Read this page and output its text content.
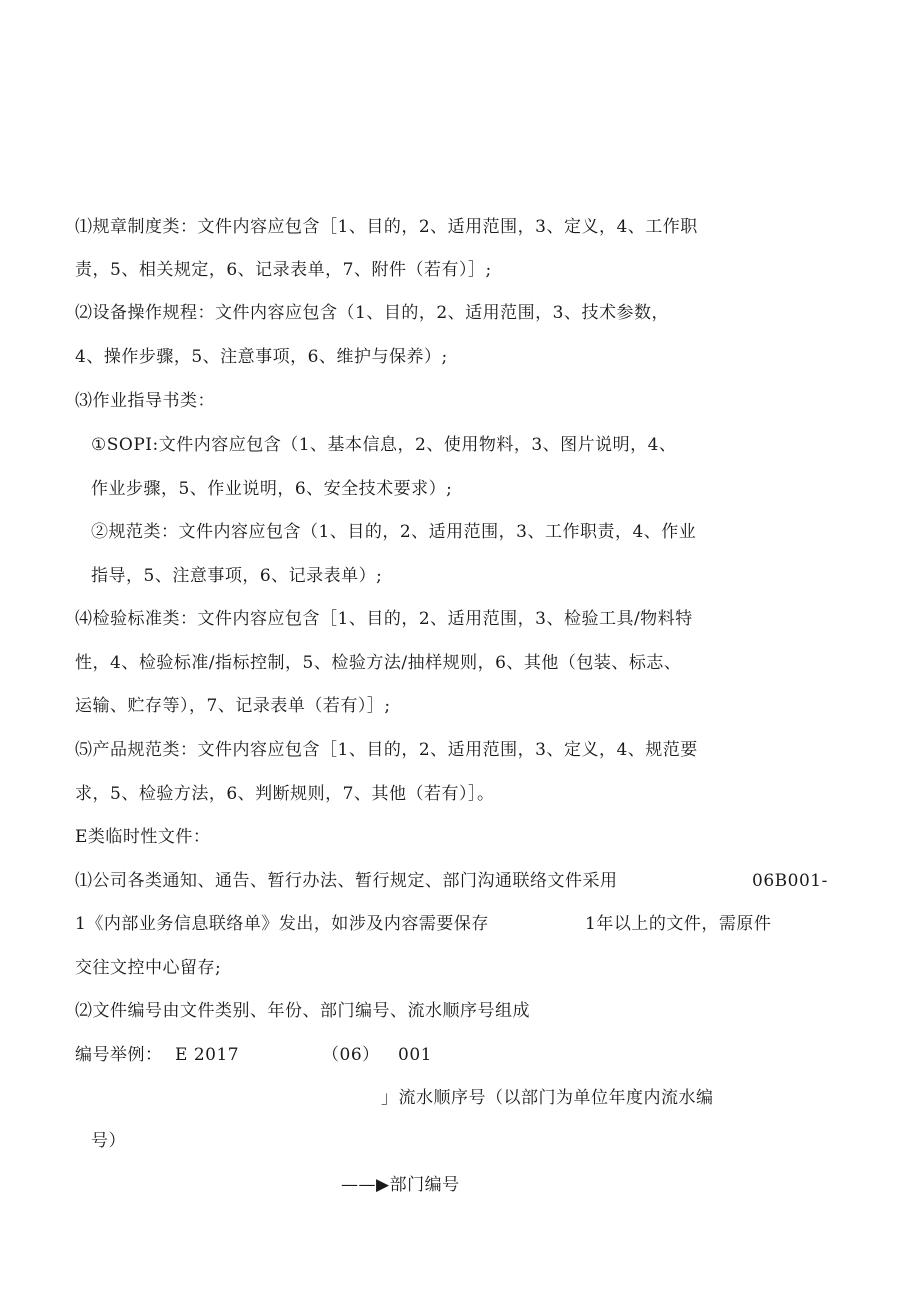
⑴规章制度类：文件内容应包含［1、目的，2、适用范围，3、定义，4、工作职
责，5、相关规定，6、记录表单，7、附件（若有）］;
⑵设备操作规程：文件内容应包含（1、目的，2、适用范围，3、技术参数，
4、操作步骤，5、注意事项，6、维护与保养）;
⑶作业指导书类：
①SOPI:文件内容应包含（1、基本信息，2、使用物料，3、图片说明，4、
作业步骤，5、作业说明，6、安全技术要求）;
②规范类：文件内容应包含（1、目的，2、适用范围，3、工作职责，4、作业
指导，5、注意事项，6、记录表单）;
⑷检验标准类：文件内容应包含［1、目的，2、适用范围，3、检验工具/物料特
性，4、检验标准/指标控制，5、检验方法/抽样规则，6、其他（包装、标志、
运输、贮存等），7、记录表单（若有）］;
⑸产品规范类：文件内容应包含［1、目的，2、适用范围，3、定义，4、规范要
求，5、检验方法，6、判断规则，7、其他（若有）］。
E类临时性文件：
⑴公司各类通知、通告、暂行办法、暂行规定、部门沟通联络文件采用	06B001-
1《内部业务信息联络单》发出，如涉及内容需要保存	1年以上的文件，需原件
交往文控中心留存;
⑵文件编号由文件类别、年份、部门编号、流水顺序号组成
编号举例： E 2017	（06） 001
」流水顺序号（以部门为单位年度内流水编
号）
——▶部门编号
